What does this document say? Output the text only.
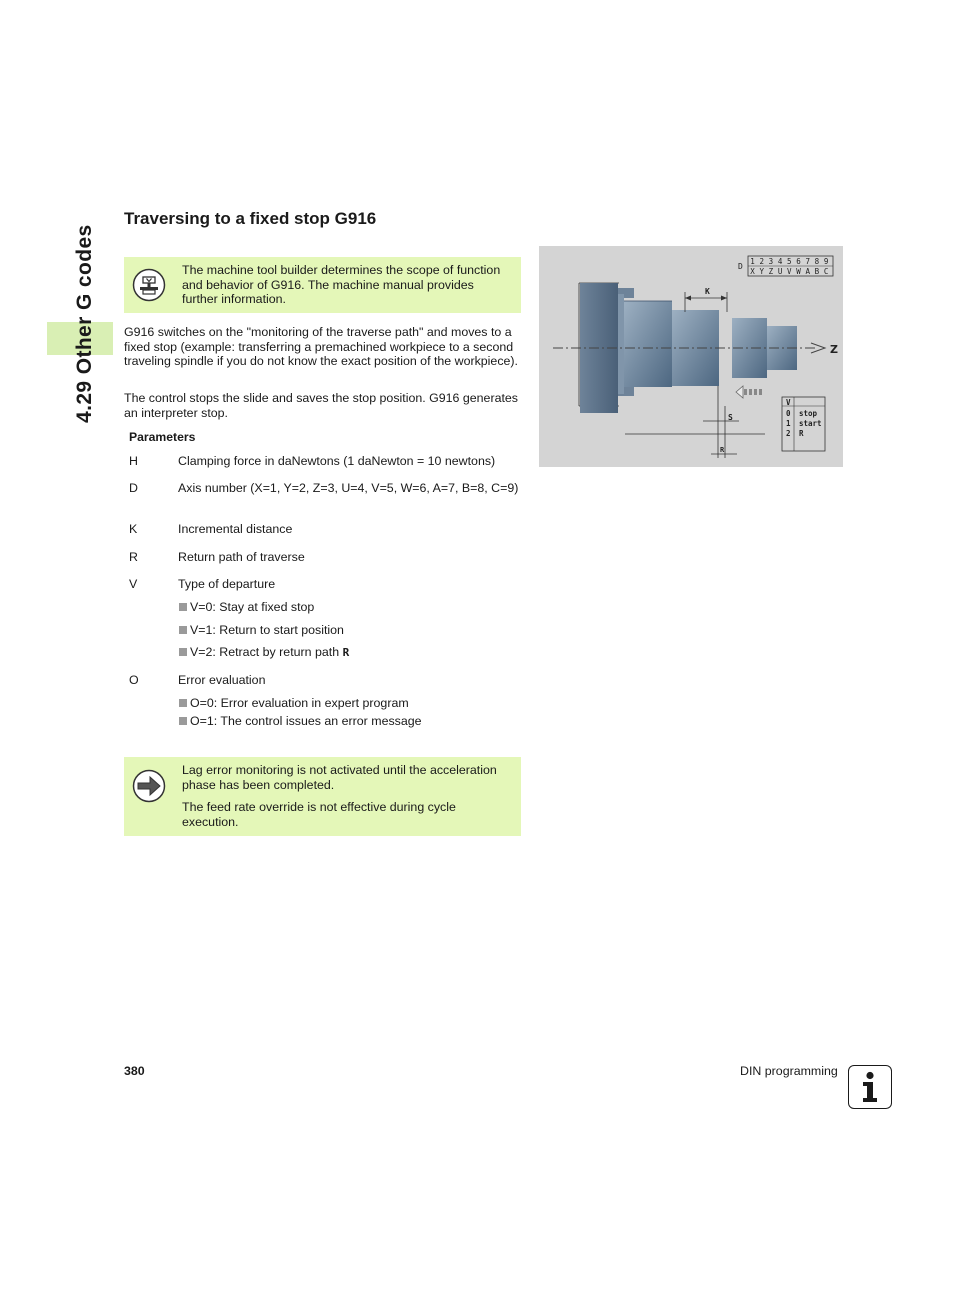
4.29 Other G codes
Traversing to a fixed stop G916
The machine tool builder determines the scope of function and behavior of G916. The machine manual provides further information.

G916 switches on the "monitoring of the traverse path" and moves to a fixed stop (example: transferring a premachined workpiece to a second traveling spindle if you do not know the exact position of the workpiece).

The control stops the slide and saves the stop position. G916 generates an interpreter stop.

Parameters
H	Clamping force in daNewtons (1 daNewton = 10 newtons)
D	Axis number (X=1, Y=2, Z=3, U=4, V=5, W=6, A=7, B=8, C=9)
K	Incremental distance
R	Return path of traverse
V	Type of departure
V=0: Stay at fixed stop
V=1: Return to start position
V=2: Retract by return path R
O	Error evaluation
O=0: Error evaluation in expert program
O=1: The control issues an error message
Lag error monitoring is not activated until the acceleration phase has been completed.
The feed rate override is not effective during cycle execution.
Z
K
S
R
D
1 2 3 4 5 6 7 8 9
X Y Z U V W A B C
V
0 stop
1 start
2 R
380	DIN programming
